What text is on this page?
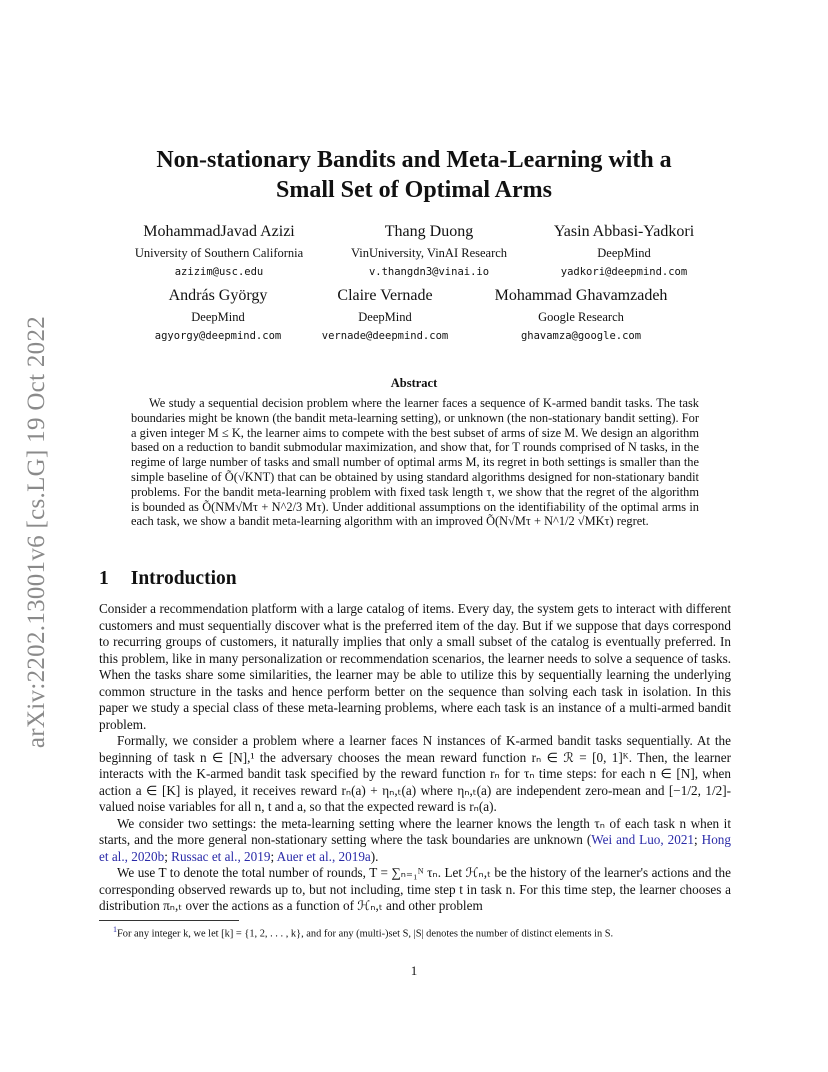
arXiv:2202.13001v6 [cs.LG] 19 Oct 2022
Non-stationary Bandits and Meta-Learning with a
Small Set of Optimal Arms
MohammadJavad Azizi
University of Southern California
azizim@usc.edu
Thang Duong
VinUniversity, VinAI Research
v.thangdn3@vinai.io
Yasin Abbasi-Yadkori
DeepMind
yadkori@deepmind.com
András György
DeepMind
agyorgy@deepmind.com
Claire Vernade
DeepMind
vernade@deepmind.com
Mohammad Ghavamzadeh
Google Research
ghavamza@google.com
Abstract
We study a sequential decision problem where the learner faces a sequence of K-armed bandit tasks. The task boundaries might be known (the bandit meta-learning setting), or unknown (the non-stationary bandit setting). For a given integer M ≤ K, the learner aims to compete with the best subset of arms of size M. We design an algorithm based on a reduction to bandit submodular maximization, and show that, for T rounds comprised of N tasks, in the regime of large number of tasks and small number of optimal arms M, its regret in both settings is smaller than the simple baseline of Õ(√KNT) that can be obtained by using standard algorithms designed for non-stationary bandit problems. For the bandit meta-learning problem with fixed task length τ, we show that the regret of the algorithm is bounded as Õ(NM√Mτ + N^2/3 Mτ). Under additional assumptions on the identifiability of the optimal arms in each task, we show a bandit meta-learning algorithm with an improved Õ(N√Mτ + N^1/2 √MKτ) regret.
1 Introduction

Consider a recommendation platform with a large catalog of items. Every day, the system gets to interact with different customers and must sequentially discover what is the preferred item of the day. But if we suppose that days correspond to recurring groups of customers, it naturally implies that only a small subset of the catalog is eventually preferred. In this problem, like in many personalization or recommendation scenarios, the learner needs to solve a sequence of tasks. When the tasks share some similarities, the learner may be able to utilize this by sequentially learning the underlying common structure in the tasks and hence perform better on the sequence than solving each task in isolation. In this paper we study a special class of these meta-learning problems, where each task is an instance of a multi-armed bandit problem.

Formally, we consider a problem where a learner faces N instances of K-armed bandit tasks sequentially. At the beginning of task n ∈ [N],¹ the adversary chooses the mean reward function rₙ ∈ ℛ = [0, 1]ᴷ. Then, the learner interacts with the K-armed bandit task specified by the reward function rₙ for τₙ time steps: for each n ∈ [N], when action a ∈ [K] is played, it receives reward rₙ(a) + ηₙ,ₜ(a) where ηₙ,ₜ(a) are independent zero-mean and [−1/2, 1/2]-valued noise variables for all n, t and a, so that the expected reward is rₙ(a).

We consider two settings: the meta-learning setting where the learner knows the length τₙ of each task n when it starts, and the more general non-stationary setting where the task boundaries are unknown (Wei and Luo, 2021; Hong et al., 2020b; Russac et al., 2019; Auer et al., 2019a).

We use T to denote the total number of rounds, T = ∑ₙ₌₁ᴺ τₙ. Let ℋₙ,ₜ be the history of the learner's actions and the corresponding observed rewards up to, but not including, time step t in task n. For this time step, the learner chooses a distribution πₙ,ₜ over the actions as a function of ℋₙ,ₜ and other problem

$^1$For any integer k, we let [k] = {1, 2, . . . , k}, and for any (multi-)set S, |S| denotes the number of distinct elements in S.
1
